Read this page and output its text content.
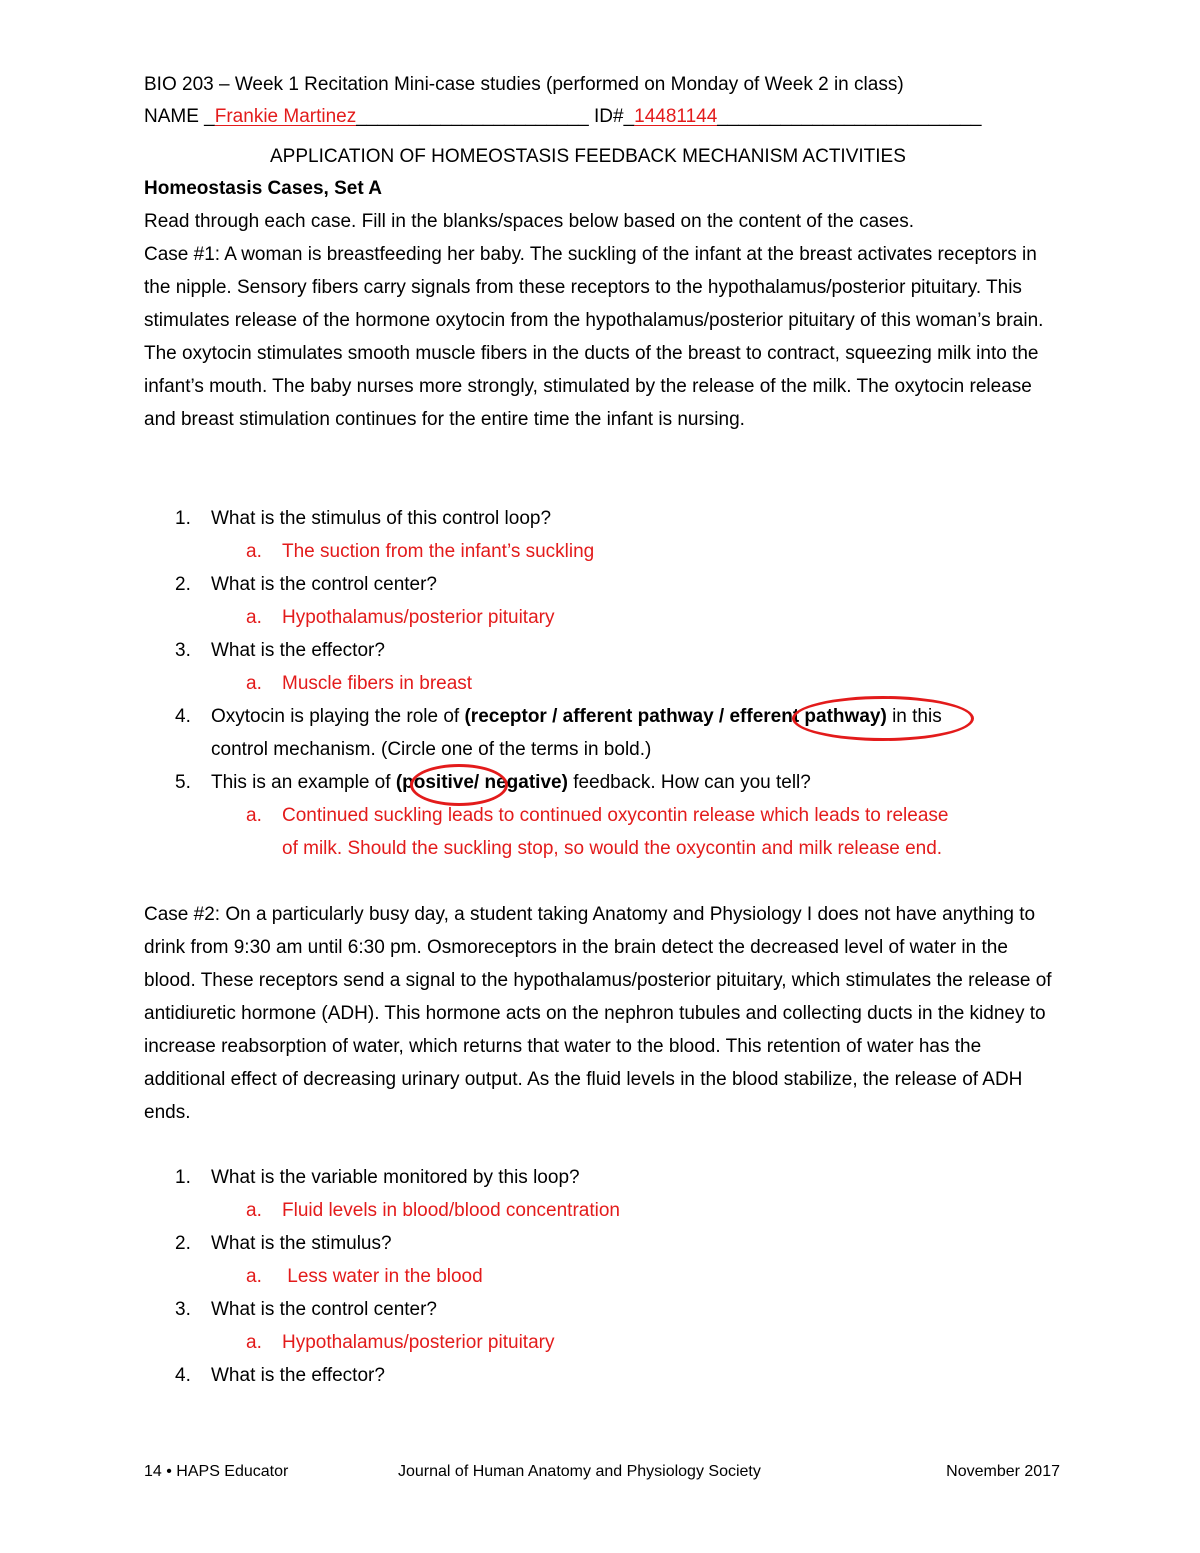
BIO 203 – Week 1 Recitation Mini-case studies (performed on Monday of Week 2 in class)
NAME _Frankie Martinez______________________ ID#_14481144_________________________
APPLICATION OF HOMEOSTASIS FEEDBACK MECHANISM ACTIVITIES
Homeostasis Cases, Set A
Read through each case. Fill in the blanks/spaces below based on the content of the cases.

Case #1: A woman is breastfeeding her baby. The suckling of the infant at the breast activates receptors in the nipple. Sensory fibers carry signals from these receptors to the hypothalamus/posterior pituitary. This stimulates release of the hormone oxytocin from the hypothalamus/posterior pituitary of this woman’s brain. The oxytocin stimulates smooth muscle fibers in the ducts of the breast to contract, squeezing milk into the infant’s mouth. The baby nurses more strongly, stimulated by the release of the milk. The oxytocin release and breast stimulation continues for the entire time the infant is nursing.

1. What is the stimulus of this control loop?
a. The suction from the infant’s suckling
2. What is the control center?
a. Hypothalamus/posterior pituitary
3. What is the effector?
a. Muscle fibers in breast
4. Oxytocin is playing the role of (receptor / afferent pathway / efferent pathway) in this
control mechanism. (Circle one of the terms in bold.)
5. This is an example of (positive/ negative) feedback. How can you tell?
a. Continued suckling leads to continued oxycontin release which leads to release
of milk. Should the suckling stop, so would the oxycontin and milk release end.

Case #2: On a particularly busy day, a student taking Anatomy and Physiology I does not have anything to drink from 9:30 am until 6:30 pm. Osmoreceptors in the brain detect the decreased level of water in the blood. These receptors send a signal to the hypothalamus/posterior pituitary, which stimulates the release of antidiuretic hormone (ADH). This hormone acts on the nephron tubules and collecting ducts in the kidney to increase reabsorption of water, which returns that water to the blood. This retention of water has the additional effect of decreasing urinary output. As the fluid levels in the blood stabilize, the release of ADH ends.

1. What is the variable monitored by this loop?
a. Fluid levels in blood/blood concentration
2. What is the stimulus?
a. Less water in the blood
3. What is the control center?
a. Hypothalamus/posterior pituitary
4. What is the effector?
14 • HAPS Educator	Journal of Human Anatomy and Physiology Society	November 2017
